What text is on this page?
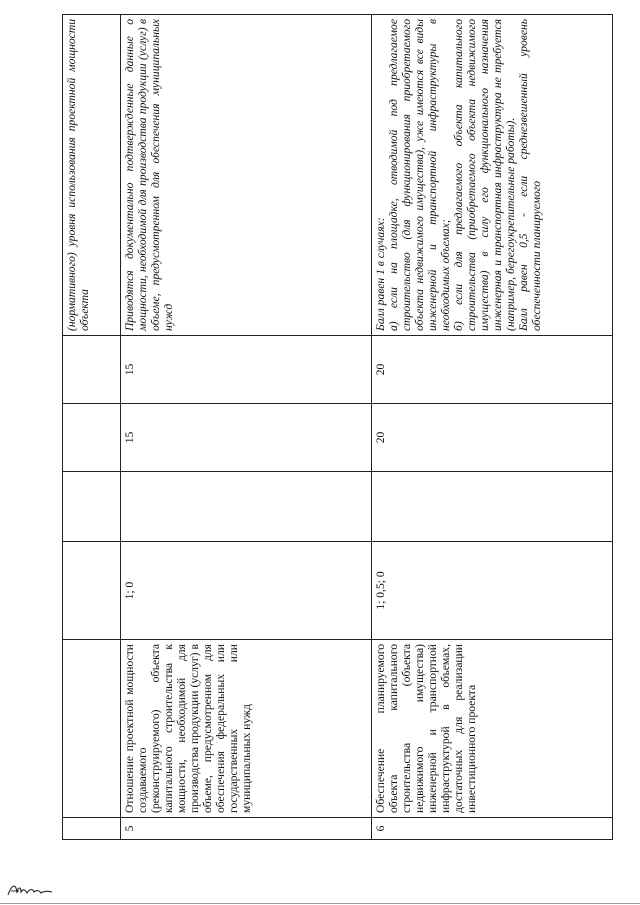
						(нормативного) уровня использования проектной мощности объекта
5	Отношение проектной мощности создаваемого (реконструируемого) объекта капитального строительства к мощности, необходимой для производства продукции (услуг) в объеме, предусмотренном для обеспечения федеральных или государственных или муниципальных нужд	1; 0		15	15	Приводятся документально подтвержденные данные о мощности, необходимой для производства продукции (услуг) в объеме, предусмотренном для обеспечения муниципальных нужд

6	Обеспечение планируемого объекта капитального строительства (объекта недвижимого имущества) инженерной и транспортной инфраструктурой в объемах, достаточных для реализации инвестиционного проекта	1; 0,5; 0		20	20	Балл равен 1 в случаях: а) если на площадке, отводимой под предлагаемое строительство (для функционирования приобретаемого объекта недвижимого имущества), уже имеются все виды инженерной и транспортной инфраструктуры в необходимых объемах; б) если для предлагаемого объекта капитального строительства (приобретаемого объекта недвижимого имущества) в силу его функционального назначения инженерная и транспортная инфраструктура не требуется (например, берегоукрепительные работы). Балл равен 0,5 - если среднезвешенный уровень обеспеченности планируемого
